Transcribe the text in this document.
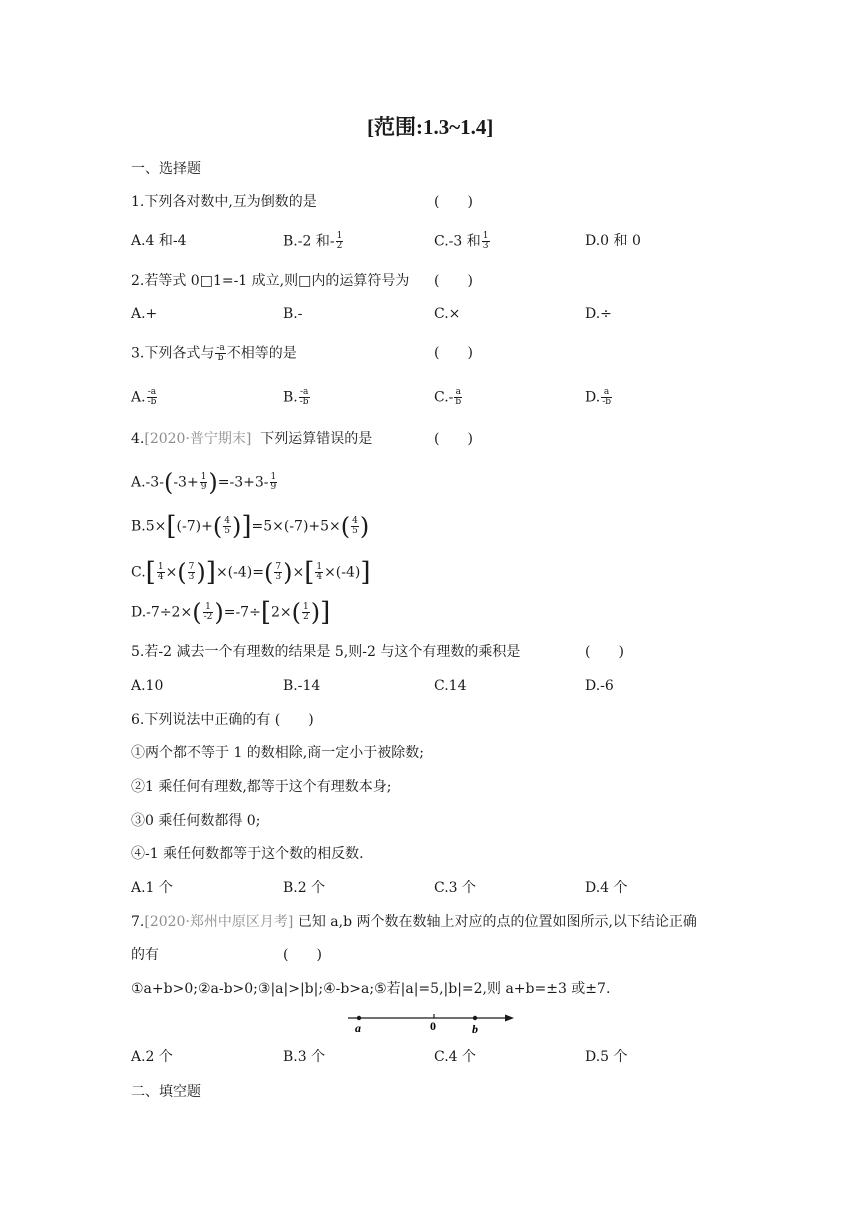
[范围:1.3~1.4]
一、选择题
1.下列各对数中,互为倒数的是	(　　)
A.4 和-4	B.-2 和- $\frac{1}{2}$	C.-3 和 $\frac{1}{3}$	D.0 和 0
2.若等式 0□1=-1 成立,则□内的运算符号为 (　　)
A.+	B.-	C.×	D.÷
3.下列各式与 $\frac{-a}{b}$ 不相等的是	(　　)
A. $\frac{-a}{-b}$	B. $\frac{-a}{-b}$	$C.- \frac{a}{b}$	D. $\frac{a}{-b}$
4.[2020·普宁期末] 下列运算错误的是	(　　)
$A.-3-(-3+ \frac{1}{9} )=-3+3- \frac{1}{9}$
$B.5\times[(-7)+( \frac{4}{5} )]=5\times(-7)+5\times( \frac{4}{5}$ )
$C.[ \frac{1}{4}$ ×( $\frac{7}{3} )]\times(-4)=( \frac{7}{3}$ )×[ $\frac{1}{4} \times(-4)$]
$D.-7\div 2\times( \frac{1}{-2} )=-7\div[2\times( \frac{1}{2}$ )]
5.若-2 减去一个有理数的结果是 5,则-2 与这个有理数的乘积是	(　　)
A.10	B.-14	C.14	D.-6
6.下列说法中正确的有 (　　)
①两个都不等于 1 的数相除,商一定小于被除数;
②1 乘任何有理数,都等于这个有理数本身;
③0 乘任何数都得 0;
④-1 乘任何数都等于这个数的相反数.
A.1 个	B.2 个	C.3 个	D.4 个
7.[2020·郑州中原区月考] 已知 a,b 两个数在数轴上对应的点的位置如图所示,以下结论正确
的有	(　　)
①a+b>0;②a-b>0;③|a|>|b|;④-b>a;⑤若|a|=5,|b|=2,则 a+b=±3 或±7.
a	0	b
A.2 个	B.3 个	C.4 个	D.5 个
二、填空题
